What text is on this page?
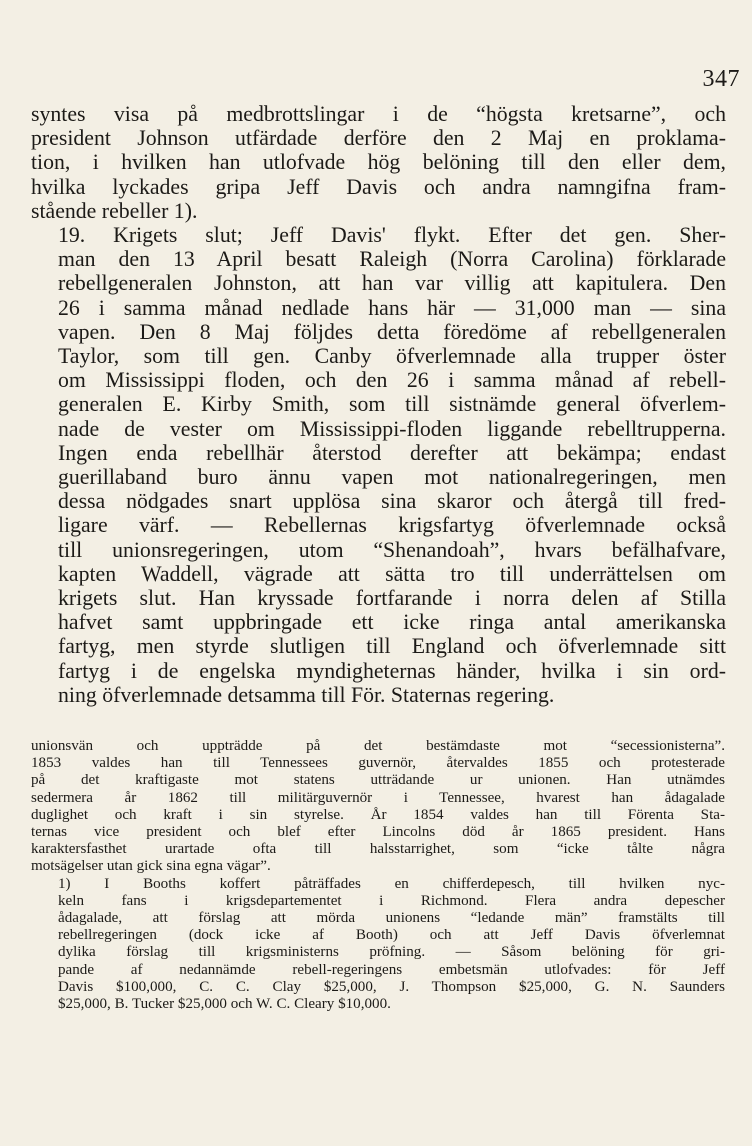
347

syntes visa på medbrottslingar i de “högsta kretsarne”, och
president Johnson utfärdade derföre den 2 Maj en proklama-
tion, i hvilken han utlofvade hög belöning till den eller dem,
hvilka lyckades gripa Jeff Davis och andra namngifna fram-
stående rebeller 1).

19. Krigets slut; Jeff Davis' flykt. Efter det gen. Sher-
man den 13 April besatt Raleigh (Norra Carolina) förklarade
rebellgeneralen Johnston, att han var villig att kapitulera. Den
26 i samma månad nedlade hans här — 31,000 man — sina
vapen. Den 8 Maj följdes detta föredöme af rebellgeneralen
Taylor, som till gen. Canby öfverlemnade alla trupper öster
om Mississippi floden, och den 26 i samma månad af rebell-
generalen E. Kirby Smith, som till sistnämde general öfverlem-
nade de vester om Mississippi-floden liggande rebelltrupperna.
Ingen enda rebellhär återstod derefter att bekämpa; endast
guerillaband buro ännu vapen mot nationalregeringen, men
dessa nödgades snart upplösa sina skaror och återgå till fred-
ligare värf. — Rebellernas krigsfartyg öfverlemnade också
till unionsregeringen, utom “Shenandoah”, hvars befälhafvare,
kapten Waddell, vägrade att sätta tro till underrättelsen om
krigets slut. Han kryssade fortfarande i norra delen af Stilla
hafvet samt uppbringade ett icke ringa antal amerikanska
fartyg, men styrde slutligen till England och öfverlemnade sitt
fartyg i de engelska myndigheternas händer, hvilka i sin ord-
ning öfverlemnade detsamma till För. Staternas regering.

unionsvän och uppträdde på det bestämdaste mot “secessionisterna”.
1853 valdes han till Tennessees guvernör, återvaldes 1855 och protesterade
på det kraftigaste mot statens utträdande ur unionen. Han utnämdes
sedermera år 1862 till militärguvernör i Tennessee, hvarest han ådagalade
duglighet och kraft i sin styrelse. År 1854 valdes han till Förenta Sta-
ternas vice president och blef efter Lincolns död år 1865 president. Hans
karaktersfasthet urartade ofta till halsstarrighet, som “icke tålte några
motsägelser utan gick sina egna vägar”.

1) I Booths koffert påträffades en chifferdepesch, till hvilken nyc-
keln fans i krigsdepartementet i Richmond. Flera andra depescher
ådagalade, att förslag att mörda unionens “ledande män” framstälts till
rebellregeringen (dock icke af Booth) och att Jeff Davis öfverlemnat
dylika förslag till krigsministerns pröfning. — Såsom belöning för gri-
pande af nedannämde rebell-regeringens embetsmän utlofvades: för Jeff
Davis $100,000, C. C. Clay $25,000, J. Thompson $25,000, G. N. Saunders
$25,000, B. Tucker $25,000 och W. C. Cleary $10,000.
